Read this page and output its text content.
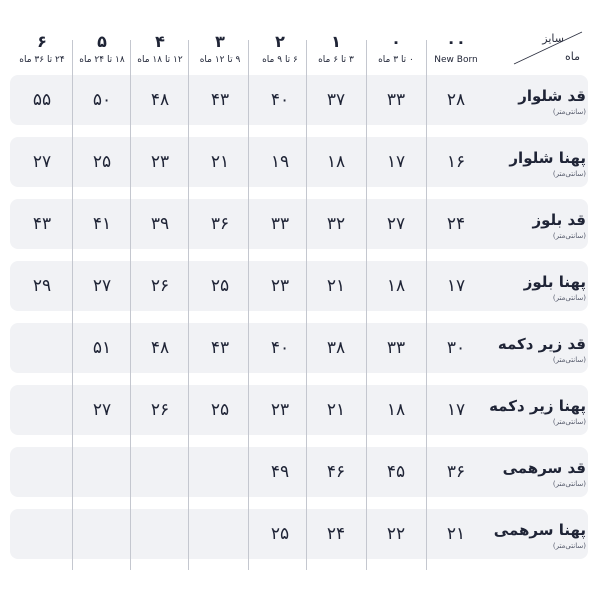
سایز
ماه
۰۰
New Born
۰
۰ تا ۳ ماه
۱
۳ تا ۶ ماه
۲
۶ تا ۹ ماه
۳
۹ تا ۱۲ ماه
۴
۱۲ تا ۱۸ ماه
۵
۱۸ تا ۲۴ ماه
۶
۲۴ تا ۳۶ ماه
قد شلوار
(سانتی‌متر)
۲۸
۳۳
۳۷
۴۰
۴۳
۴۸
۵۰
۵۵
پهنا شلوار
(سانتی‌متر)
۱۶
۱۷
۱۸
۱۹
۲۱
۲۳
۲۵
۲۷
قد بلوز
(سانتی‌متر)
۲۴
۲۷
۳۲
۳۳
۳۶
۳۹
۴۱
۴۳
پهنا بلوز
(سانتی‌متر)
۱۷
۱۸
۲۱
۲۳
۲۵
۲۶
۲۷
۲۹
قد زیر دکمه
(سانتی‌متر)
۳۰
۳۳
۳۸
۴۰
۴۳
۴۸
۵۱
پهنا زیر دکمه
(سانتی‌متر)
۱۷
۱۸
۲۱
۲۳
۲۵
۲۶
۲۷
قد سرهمی
(سانتی‌متر)
۳۶
۴۵
۴۶
۴۹
پهنا سرهمی
(سانتی‌متر)
۲۱
۲۲
۲۴
۲۵
